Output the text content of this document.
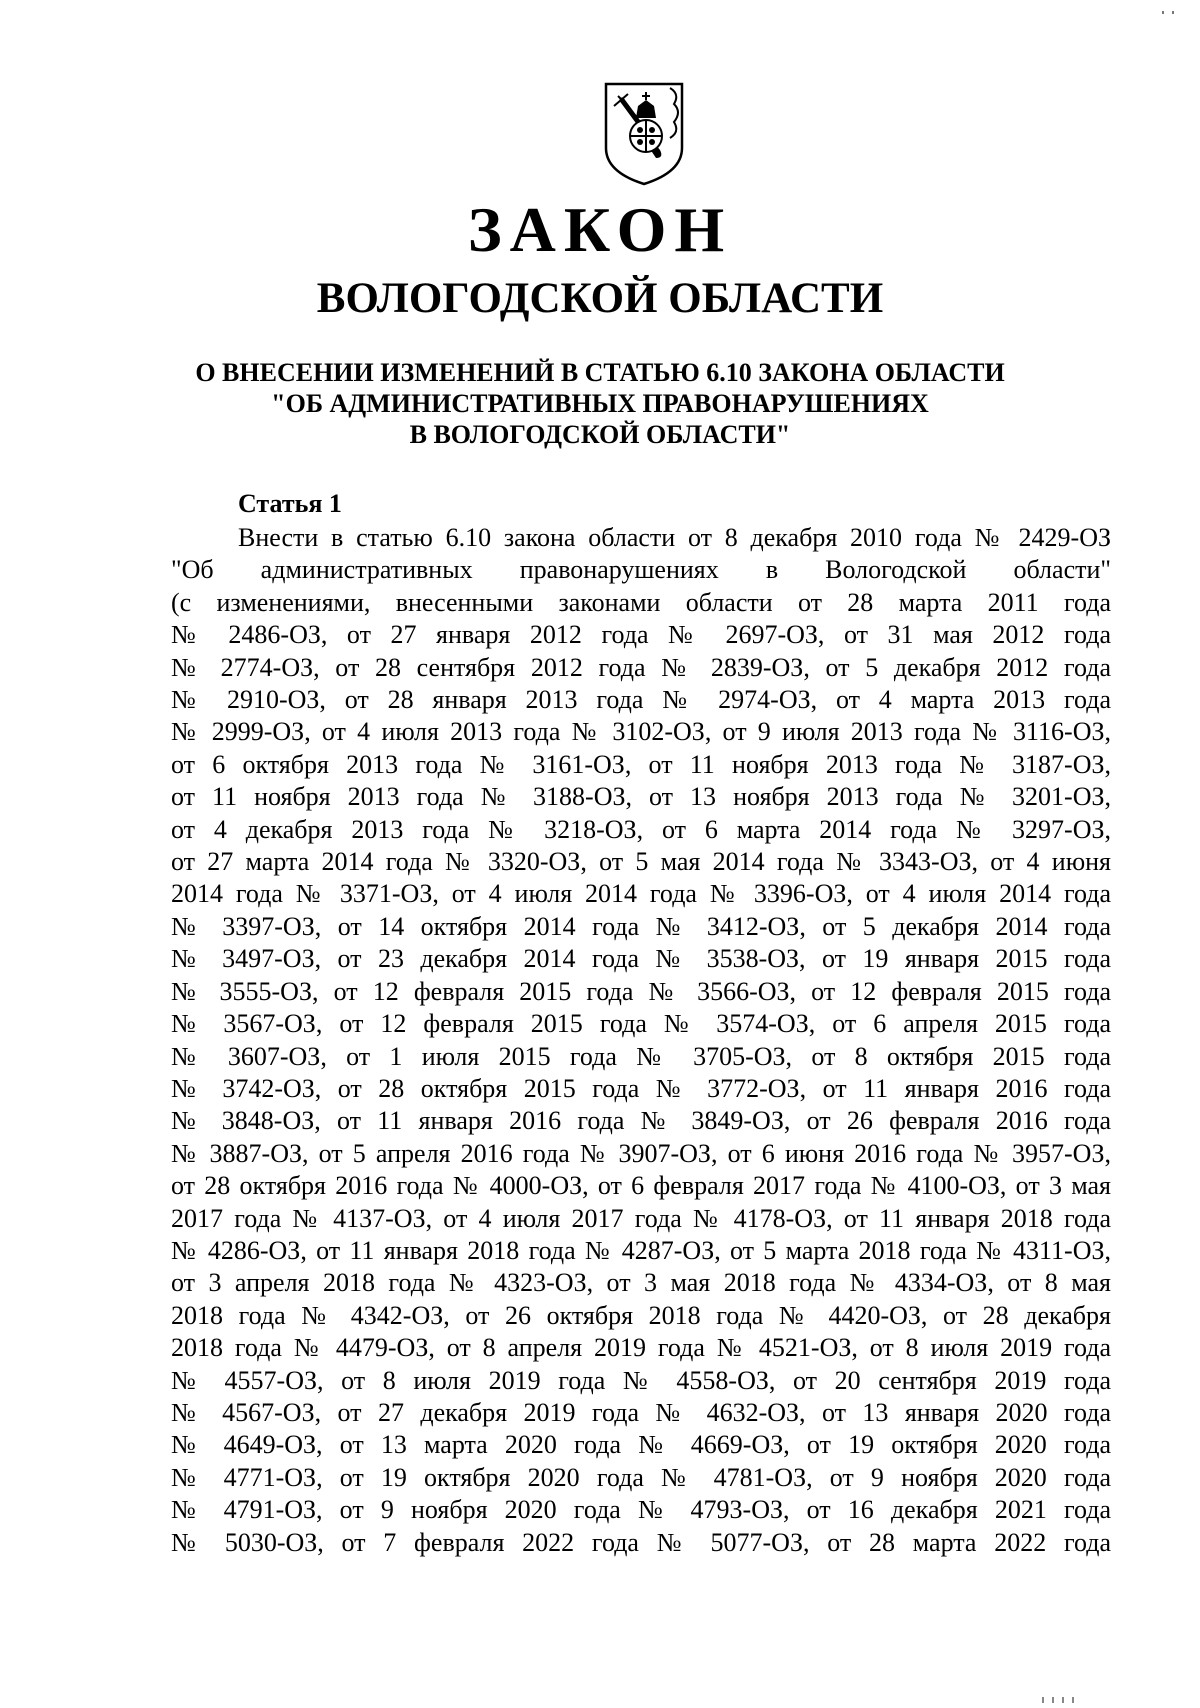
ЗАКОН
ВОЛОГОДСКОЙ ОБЛАСТИ
О ВНЕСЕНИИ ИЗМЕНЕНИЙ В СТАТЬЮ 6.10 ЗАКОНА ОБЛАСТИ
"ОБ АДМИНИСТРАТИВНЫХ ПРАВОНАРУШЕНИЯХ
В ВОЛОГОДСКОЙ ОБЛАСТИ"
Статья 1
Внести в статью 6.10 закона области от 8 декабря 2010 года № 2429-ОЗ
"Об административных правонарушениях в Вологодской области"
(с изменениями, внесенными законами области от 28 марта 2011 года
№ 2486-ОЗ, от 27 января 2012 года № 2697-ОЗ, от 31 мая 2012 года
№ 2774-ОЗ, от 28 сентября 2012 года № 2839-ОЗ, от 5 декабря 2012 года
№ 2910-ОЗ, от 28 января 2013 года № 2974-ОЗ, от 4 марта 2013 года
№ 2999-ОЗ, от 4 июля 2013 года № 3102-ОЗ, от 9 июля 2013 года № 3116-ОЗ,
от 6 октября 2013 года № 3161-ОЗ, от 11 ноября 2013 года № 3187-ОЗ,
от 11 ноября 2013 года № 3188-ОЗ, от 13 ноября 2013 года № 3201-ОЗ,
от 4 декабря 2013 года № 3218-ОЗ, от 6 марта 2014 года № 3297-ОЗ,
от 27 марта 2014 года № 3320-ОЗ, от 5 мая 2014 года № 3343-ОЗ, от 4 июня
2014 года № 3371-ОЗ, от 4 июля 2014 года № 3396-ОЗ, от 4 июля 2014 года
№ 3397-ОЗ, от 14 октября 2014 года № 3412-ОЗ, от 5 декабря 2014 года
№ 3497-ОЗ, от 23 декабря 2014 года № 3538-ОЗ, от 19 января 2015 года
№ 3555-ОЗ, от 12 февраля 2015 года № 3566-ОЗ, от 12 февраля 2015 года
№ 3567-ОЗ, от 12 февраля 2015 года № 3574-ОЗ, от 6 апреля 2015 года
№ 3607-ОЗ, от 1 июля 2015 года № 3705-ОЗ, от 8 октября 2015 года
№ 3742-ОЗ, от 28 октября 2015 года № 3772-ОЗ, от 11 января 2016 года
№ 3848-ОЗ, от 11 января 2016 года № 3849-ОЗ, от 26 февраля 2016 года
№ 3887-ОЗ, от 5 апреля 2016 года № 3907-ОЗ, от 6 июня 2016 года № 3957-ОЗ,
от 28 октября 2016 года № 4000-ОЗ, от 6 февраля 2017 года № 4100-ОЗ, от 3 мая
2017 года № 4137-ОЗ, от 4 июля 2017 года № 4178-ОЗ, от 11 января 2018 года
№ 4286-ОЗ, от 11 января 2018 года № 4287-ОЗ, от 5 марта 2018 года № 4311-ОЗ,
от 3 апреля 2018 года № 4323-ОЗ, от 3 мая 2018 года № 4334-ОЗ, от 8 мая
2018 года № 4342-ОЗ, от 26 октября 2018 года № 4420-ОЗ, от 28 декабря
2018 года № 4479-ОЗ, от 8 апреля 2019 года № 4521-ОЗ, от 8 июля 2019 года
№ 4557-ОЗ, от 8 июля 2019 года № 4558-ОЗ, от 20 сентября 2019 года
№ 4567-ОЗ, от 27 декабря 2019 года № 4632-ОЗ, от 13 января 2020 года
№ 4649-ОЗ, от 13 марта 2020 года № 4669-ОЗ, от 19 октября 2020 года
№ 4771-ОЗ, от 19 октября 2020 года № 4781-ОЗ, от 9 ноября 2020 года
№ 4791-ОЗ, от 9 ноября 2020 года № 4793-ОЗ, от 16 декабря 2021 года
№ 5030-ОЗ, от 7 февраля 2022 года № 5077-ОЗ, от 28 марта 2022 года
